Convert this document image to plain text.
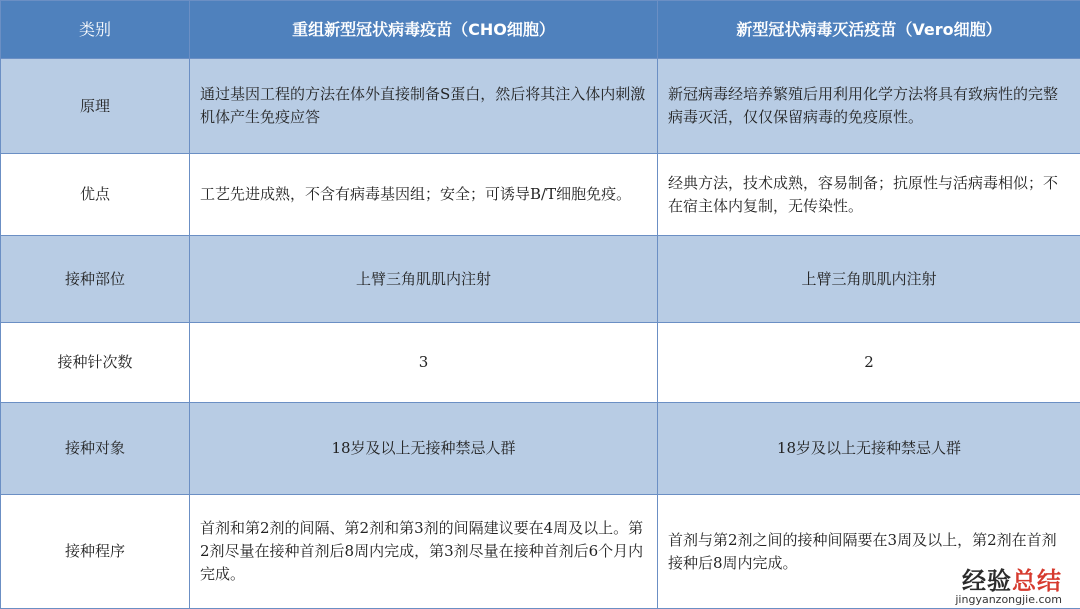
类别	重组新型冠状病毒疫苗（CHO细胞）	新型冠状病毒灭活疫苗（Vero细胞）
原理	通过基因工程的方法在体外直接制备S蛋白，然后将其注入体内刺激机体产生免疫应答	新冠病毒经培养繁殖后用利用化学方法将具有致病性的完整病毒灭活，仅仅保留病毒的免疫原性。
优点	工艺先进成熟，不含有病毒基因组；安全；可诱导B/T细胞免疫。	经典方法，技术成熟，容易制备；抗原性与活病毒相似；不在宿主体内复制，无传染性。
接种部位	上臂三角肌肌内注射	上臂三角肌肌内注射
接种针次数	3	2
接种对象	18岁及以上无接种禁忌人群	18岁及以上无接种禁忌人群
接种程序	首剂和第2剂的间隔、第2剂和第3剂的间隔建议要在4周及以上。第2剂尽量在接种首剂后8周内完成，第3剂尽量在接种首剂后6个月内完成。	首剂与第2剂之间的接种间隔要在3周及以上，第2剂在首剂接种后8周内完成。
经验总结
jingyanzongjie.com
